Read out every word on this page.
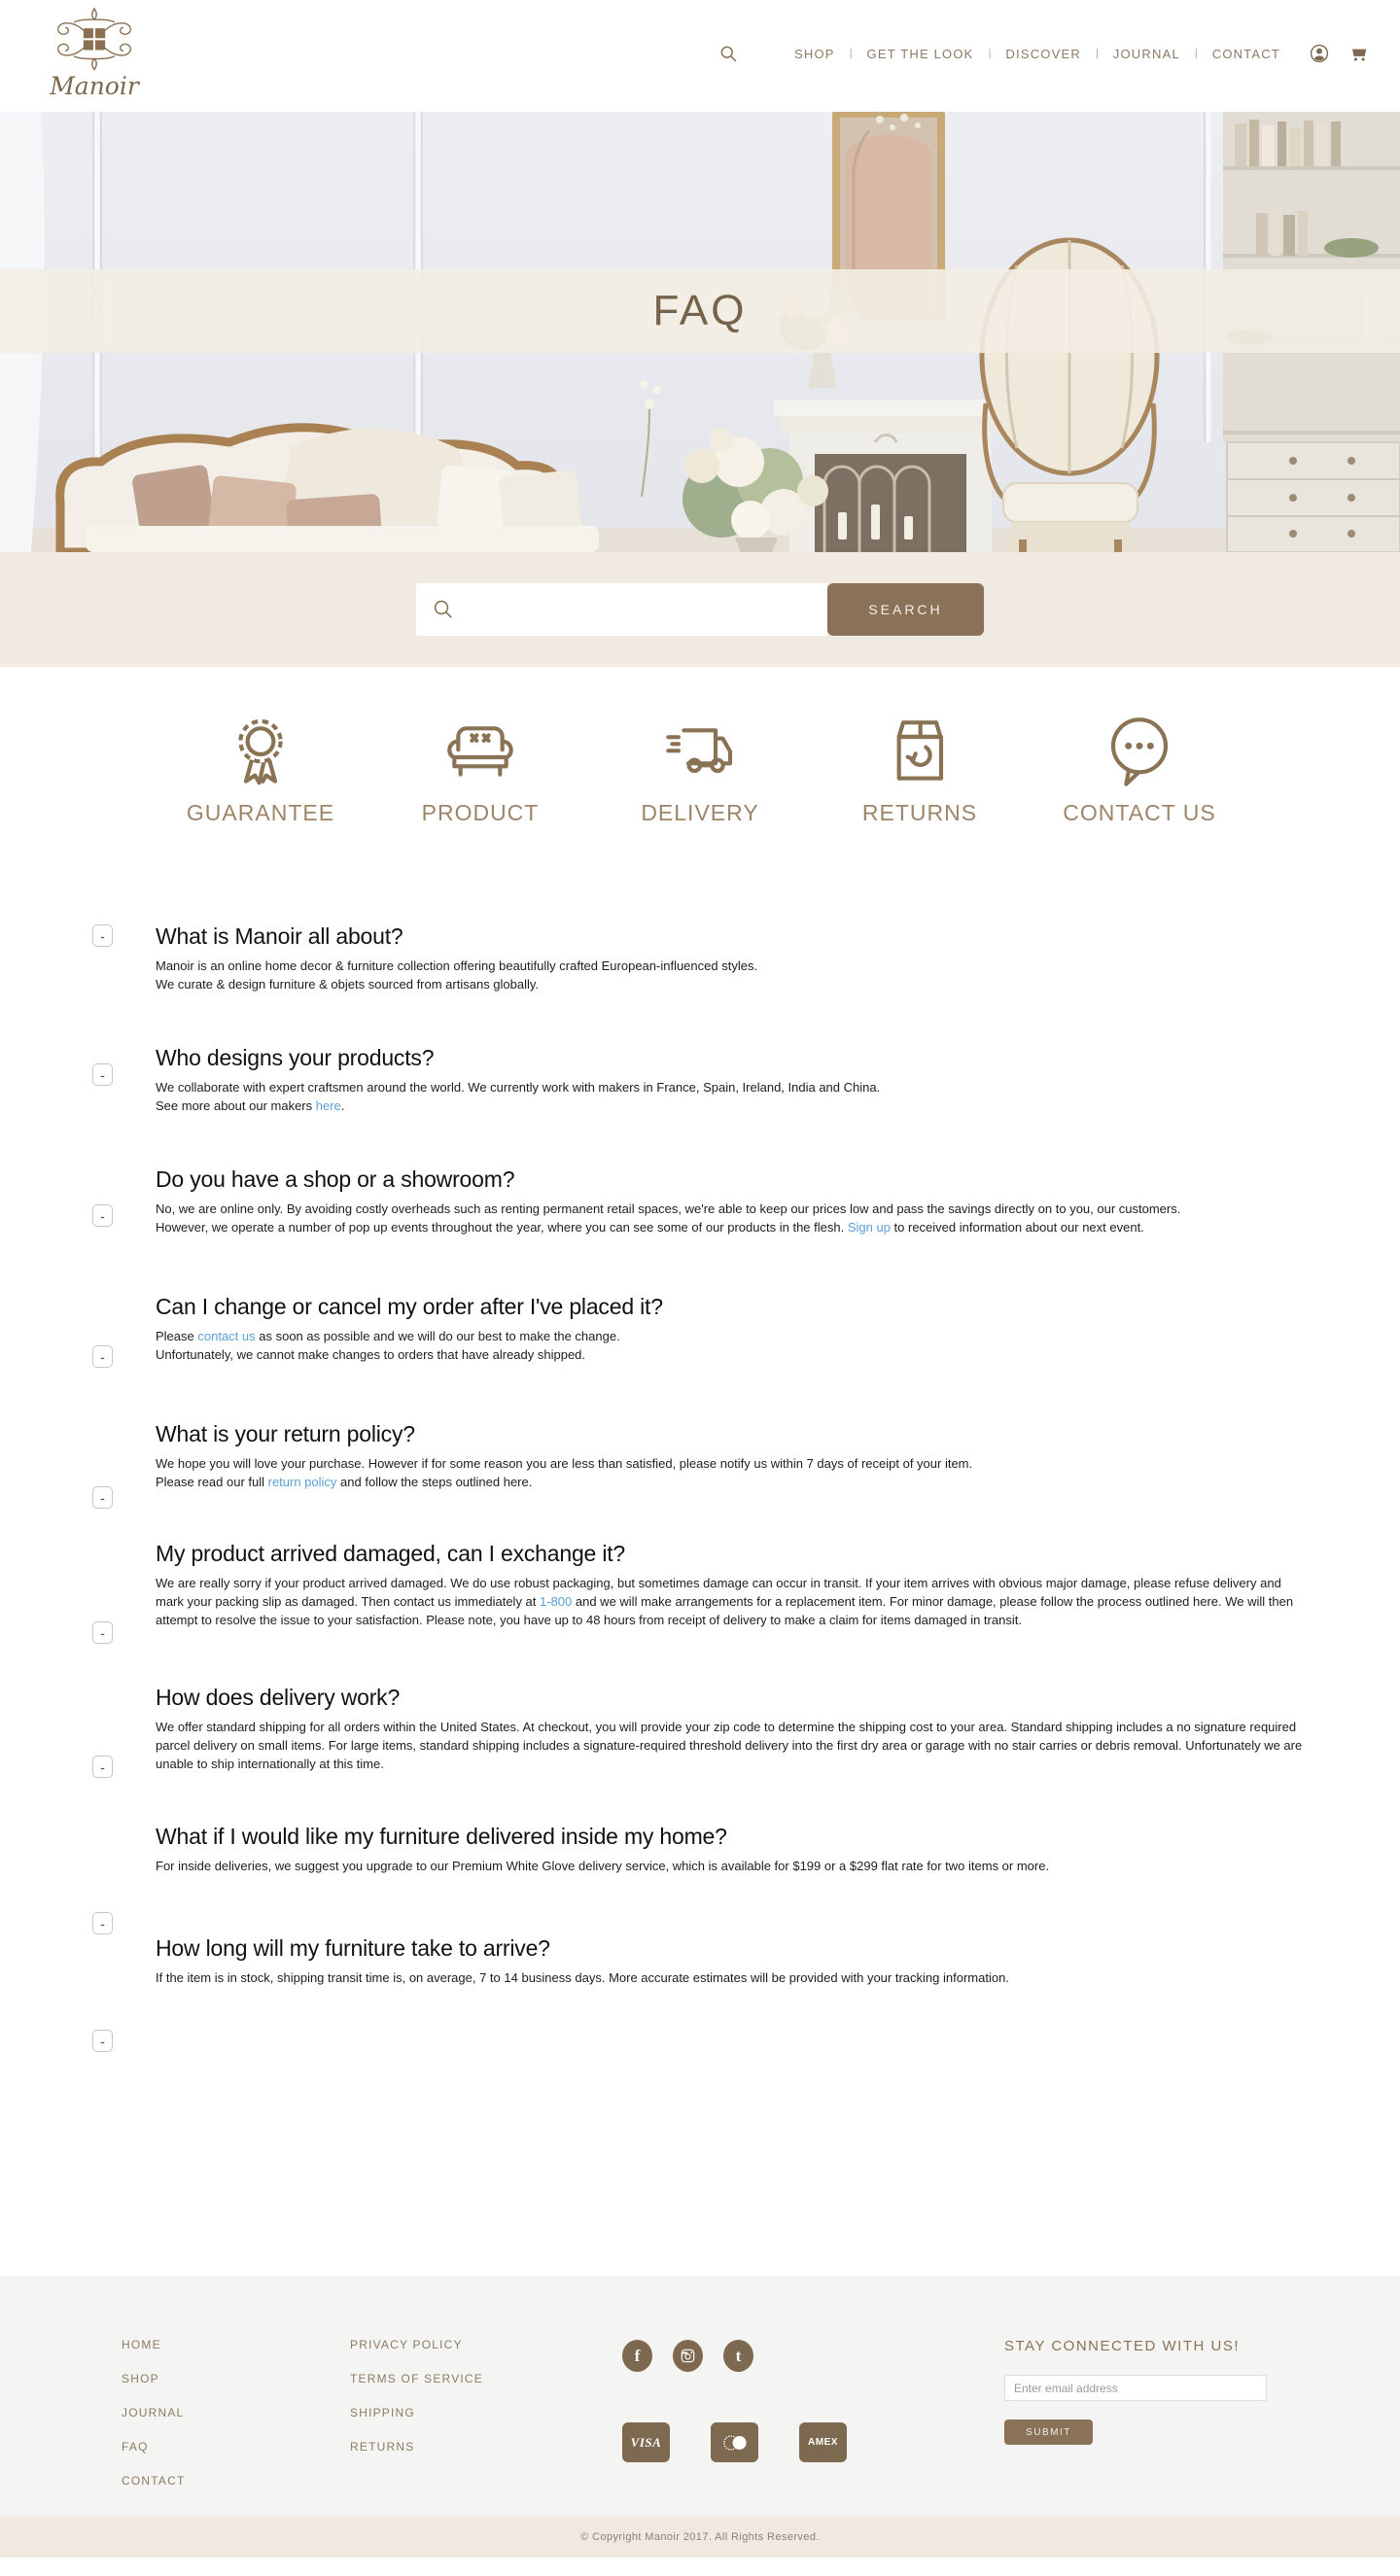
Manoir
SHOP	|	GET THE LOOK	|	DISCOVER	|	JOURNAL	|	CONTACT
FAQ
SEARCH
GUARANTEE	PRODUCT	DELIVERY	RETURNS	CONTACT US
-	What is Manoir all about?

Manoir is an online home decor & furniture collection offering beautifully crafted European-influenced styles.
We curate & design furniture & objets sourced from artisans globally.

-
Who designs your products?

We collaborate with expert craftsmen around the world. We currently work with makers in France, Spain, Ireland, India and China.
See more about our makers here.

-
Do you have a shop or a showroom?

No, we are online only. By avoiding costly overheads such as renting permanent retail spaces, we're able to keep our prices low and pass the savings directly on to you, our customers.
However, we operate a number of pop up events throughout the year, where you can see some of our products in the flesh. Sign up to received information about our next event.

-
Can I change or cancel my order after I've placed it?

Please contact us as soon as possible and we will do our best to make the change.
Unfortunately, we cannot make changes to orders that have already shipped.

-
What is your return policy?

We hope you will love your purchase. However if for some reason you are less than satisfied, please notify us within 7 days of receipt of your item.
Please read our full return policy and follow the steps outlined here.

-
My product arrived damaged, can I exchange it?

We are really sorry if your product arrived damaged. We do use robust packaging, but sometimes damage can occur in transit. If your item arrives with obvious major damage, please refuse delivery and mark your packing slip as damaged. Then contact us immediately at 1-800 and we will make arrangements for a replacement item. For minor damage, please follow the process outlined here. We will then attempt to resolve the issue to your satisfaction. Please note, you have up to 48 hours from receipt of delivery to make a claim for items damaged in transit.

-
How does delivery work?

We offer standard shipping for all orders within the United States. At checkout, you will provide your zip code to determine the shipping cost to your area. Standard shipping includes a no signature required parcel delivery on small items. For large items, standard shipping includes a signature-required threshold delivery into the first dry area or garage with no stair carries or debris removal. Unfortunately we are unable to ship internationally at this time.

-
What if I would like my furniture delivered inside my home?

For inside deliveries, we suggest you upgrade to our Premium White Glove delivery service, which is available for $199 or a $299 flat rate for two items or more.

-
How long will my furniture take to arrive?

If the item is in stock, shipping transit time is, on average, 7 to 14 business days. More accurate estimates will be provided with your tracking information.

HOME
SHOP
JOURNAL
FAQ
CONTACT
PRIVACY POLICY
TERMS OF SERVICE
SHIPPING
RETURNS
f	t
VISA	AMEX
STAY CONNECTED WITH US!
Enter email address
SUBMIT
© Copyright Manoir 2017. All Rights Reserved.
